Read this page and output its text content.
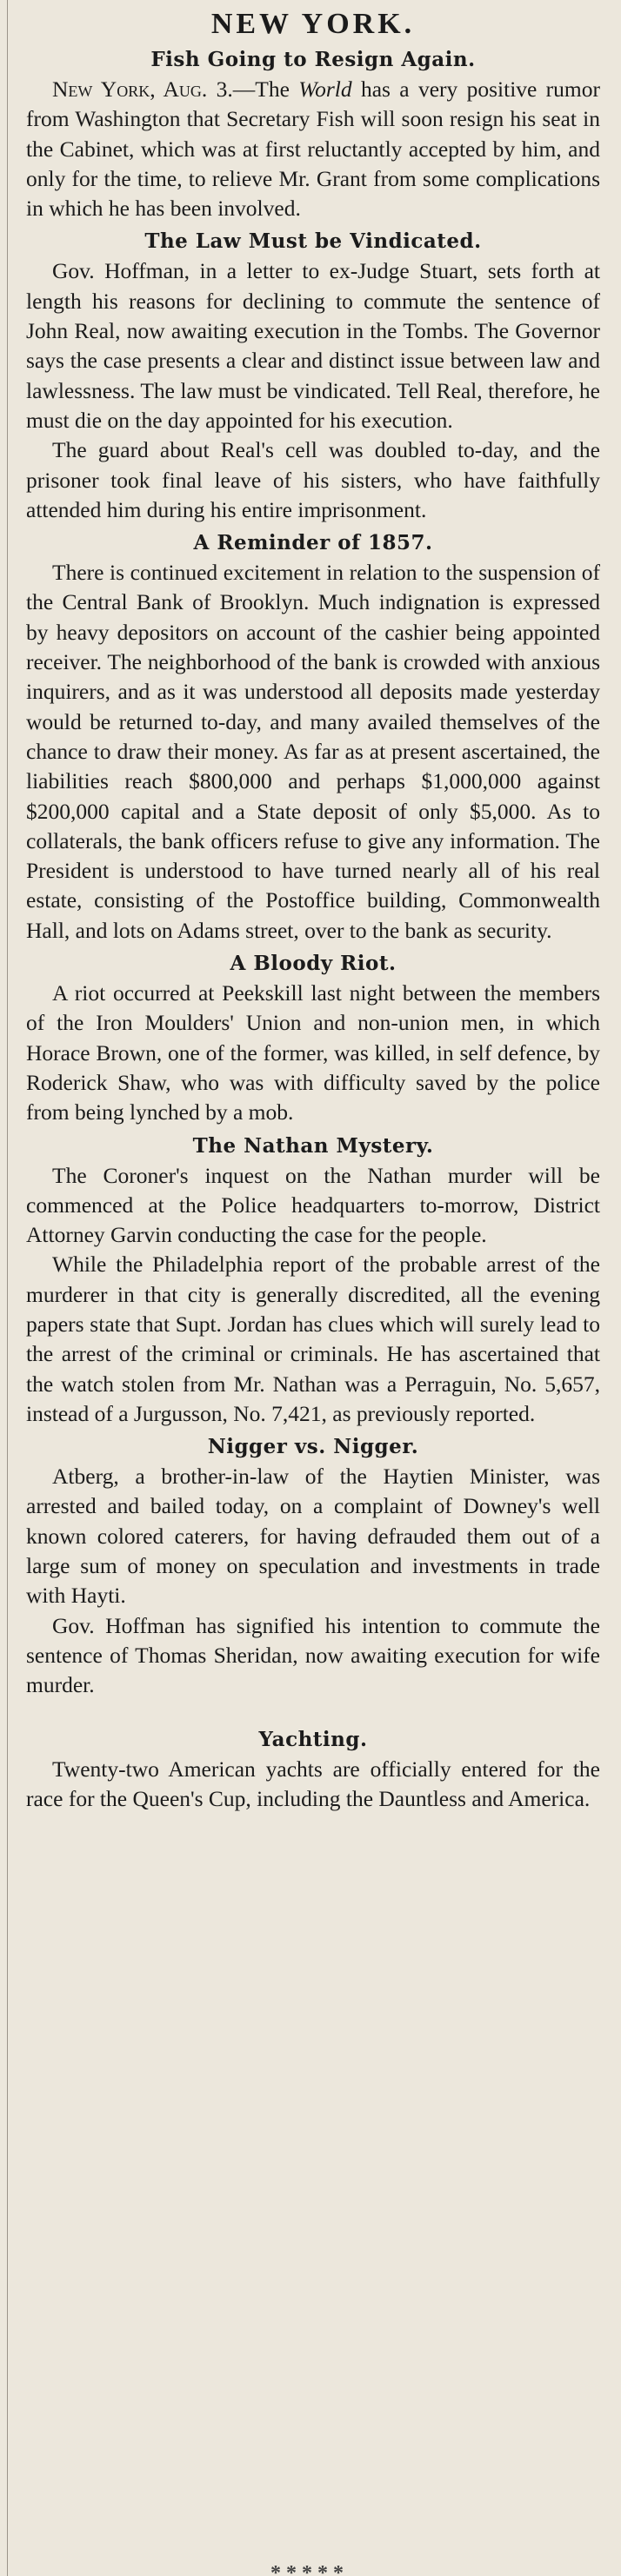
NEW YORK.
Fish Going to Resign Again.

New York, Aug. 3.—The World has a very positive rumor from Washington that Secretary Fish will soon resign his seat in the Cabinet, which was at first reluctantly accepted by him, and only for the time, to relieve Mr. Grant from some complications in which he has been involved.

The Law Must be Vindicated.

Gov. Hoffman, in a letter to ex-Judge Stuart, sets forth at length his reasons for declining to commute the sentence of John Real, now awaiting execution in the Tombs. The Governor says the case presents a clear and distinct issue between law and lawlessness. The law must be vindicated. Tell Real, therefore, he must die on the day appointed for his execution.

The guard about Real's cell was doubled to-day, and the prisoner took final leave of his sisters, who have faithfully attended him during his entire imprisonment.

A Reminder of 1857.

There is continued excitement in relation to the suspension of the Central Bank of Brooklyn. Much indignation is expressed by heavy depositors on account of the cashier being appointed receiver. The neighborhood of the bank is crowded with anxious inquirers, and as it was understood all deposits made yesterday would be returned to-day, and many availed themselves of the chance to draw their money. As far as at present ascertained, the liabilities reach $800,000 and perhaps $1,000,000 against $200,000 capital and a State deposit of only $5,000. As to collaterals, the bank officers refuse to give any information. The President is understood to have turned nearly all of his real estate, consisting of the Postoffice building, Commonwealth Hall, and lots on Adams street, over to the bank as security.

A Bloody Riot.

A riot occurred at Peekskill last night between the members of the Iron Moulders' Union and non-union men, in which Horace Brown, one of the former, was killed, in self defence, by Roderick Shaw, who was with difficulty saved by the police from being lynched by a mob.

The Nathan Mystery.

The Coroner's inquest on the Nathan murder will be commenced at the Police headquarters to-morrow, District Attorney Garvin conducting the case for the people.

While the Philadelphia report of the probable arrest of the murderer in that city is generally discredited, all the evening papers state that Supt. Jordan has clues which will surely lead to the arrest of the criminal or criminals. He has ascertained that the watch stolen from Mr. Nathan was a Perraguin, No. 5,657, instead of a Jurgusson, No. 7,421, as previously reported.

Nigger vs. Nigger.

Atberg, a brother-in-law of the Haytien Minister, was arrested and bailed today, on a complaint of Downey's well known colored caterers, for having defrauded them out of a large sum of money on speculation and investments in trade with Hayti.

Gov. Hoffman has signified his intention to commute the sentence of Thomas Sheridan, now awaiting execution for wife murder.

Yachting.

Twenty-two American yachts are officially entered for the race for the Queen's Cup, including the Dauntless and America.

*****
